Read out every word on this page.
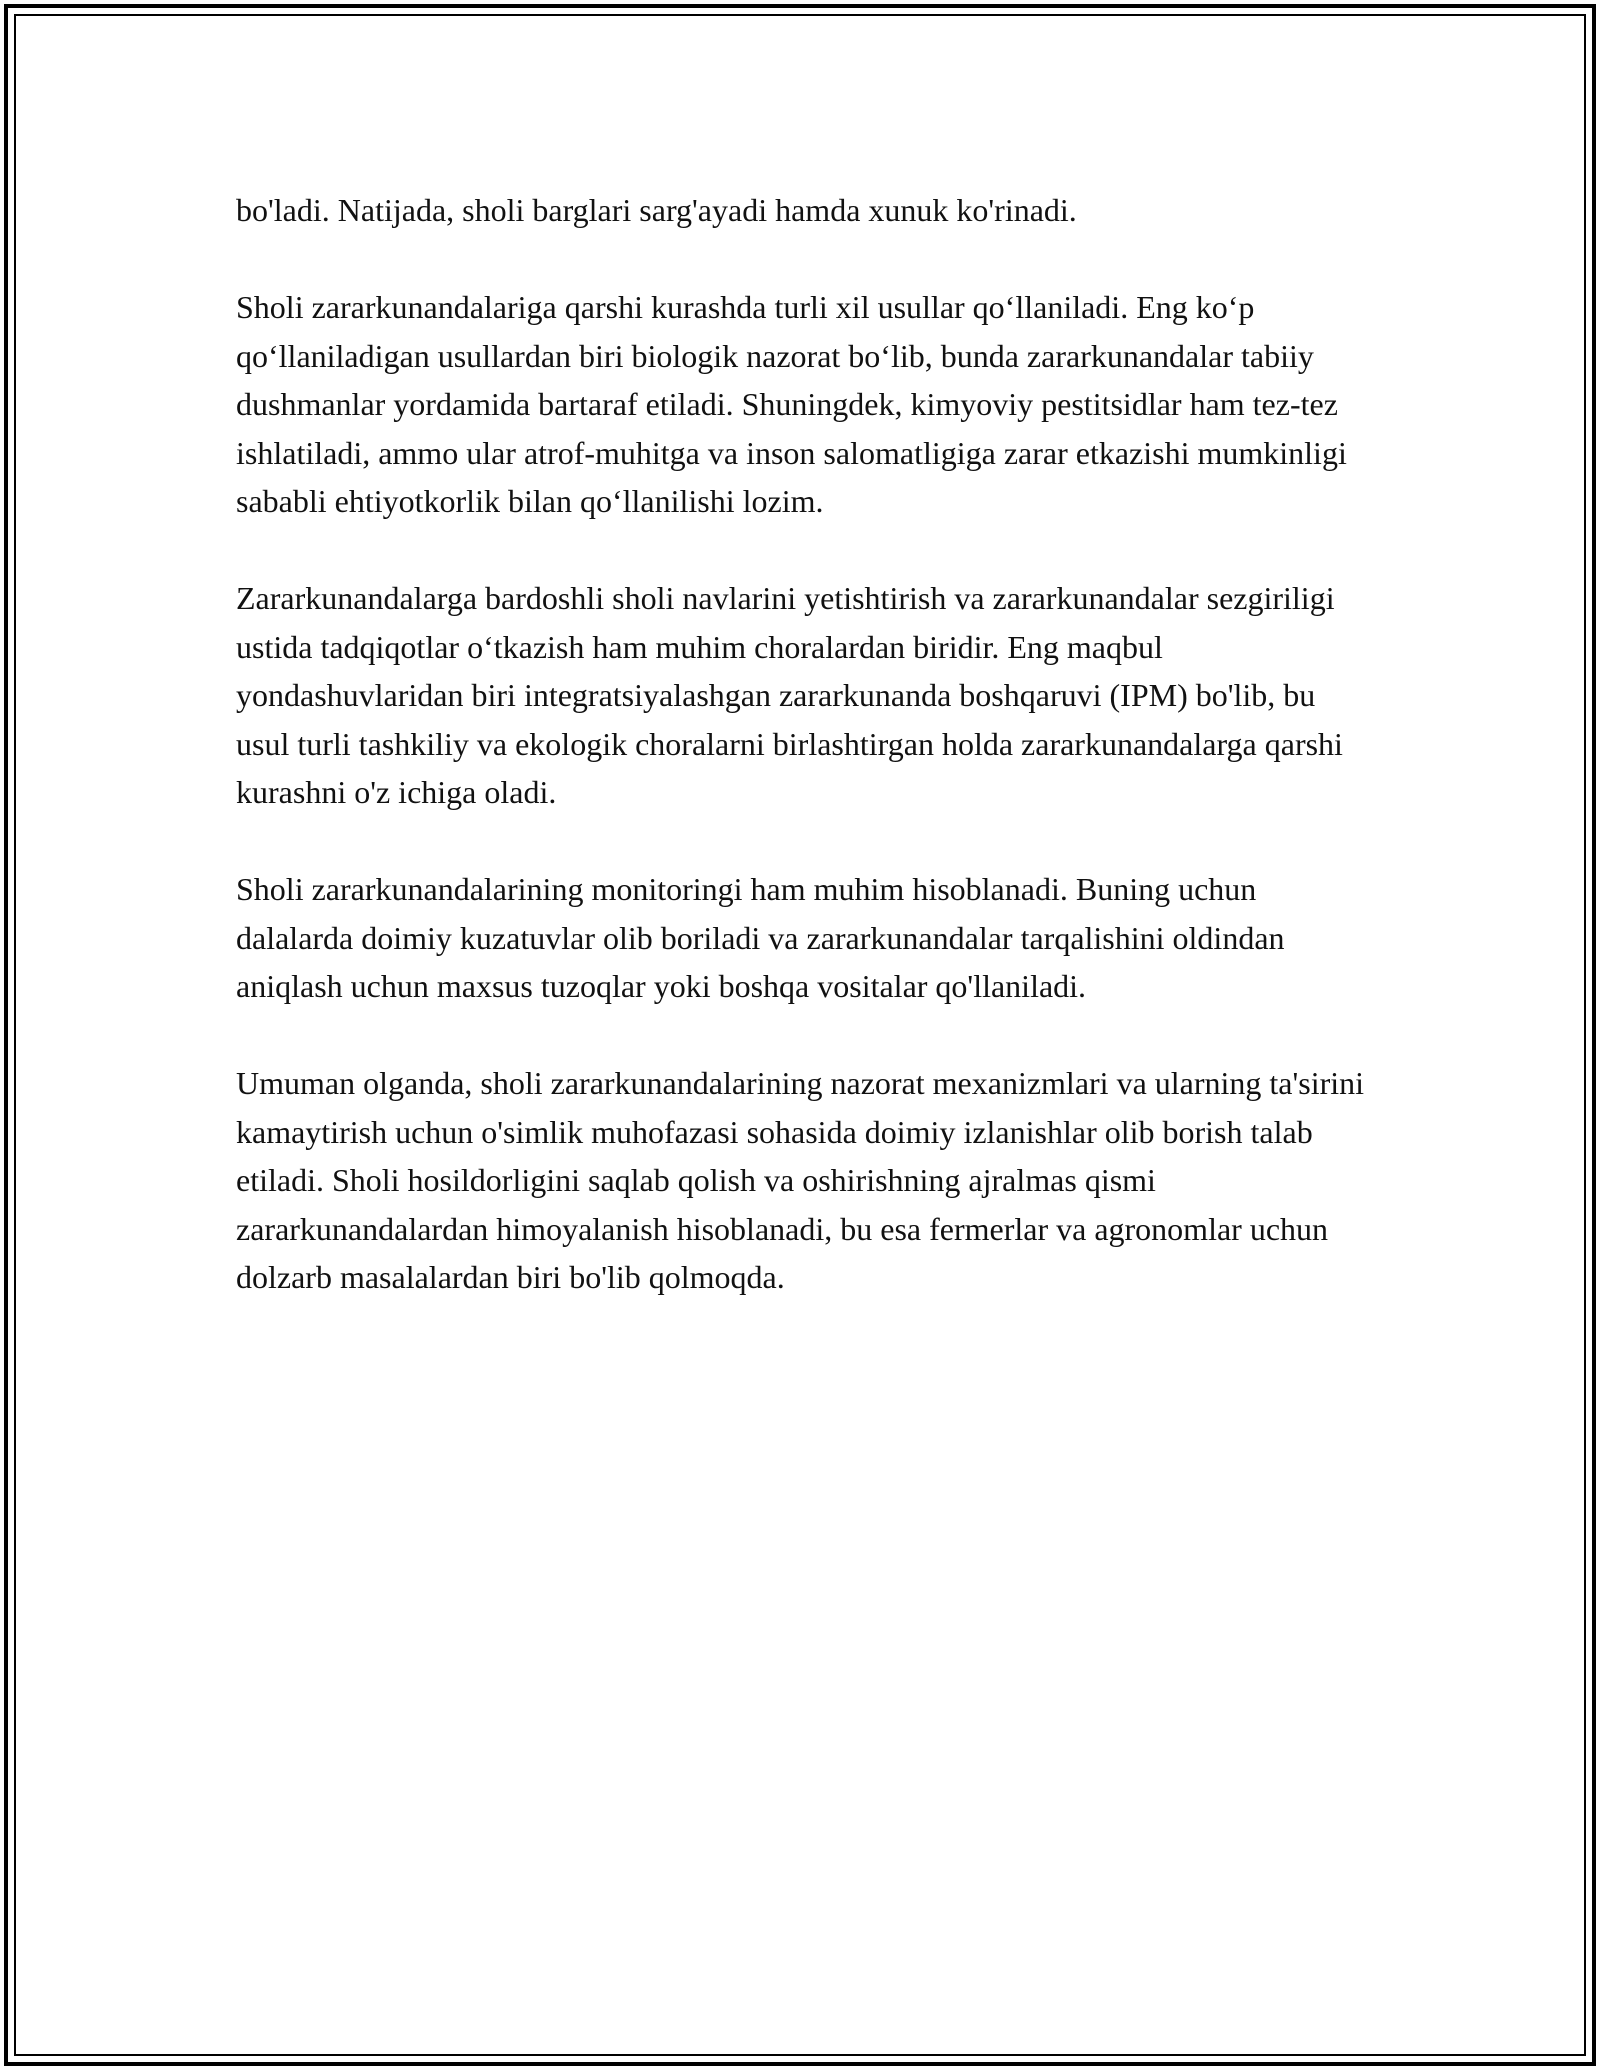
bo'ladi. Natijada, sholi barglari sarg'ayadi hamda xunuk ko'rinadi.

Sholi zararkunandalariga qarshi kurashda turli xil usullar qo‘llaniladi. Eng ko‘p qo‘llaniladigan usullardan biri biologik nazorat bo‘lib, bunda zararkunandalar tabiiy dushmanlar yordamida bartaraf etiladi. Shuningdek, kimyoviy pestitsidlar ham tez-tez ishlatiladi, ammo ular atrof-muhitga va inson salomatligiga zarar etkazishi mumkinligi sababli ehtiyotkorlik bilan qo‘llanilishi lozim.

Zararkunandalarga bardoshli sholi navlarini yetishtirish va zararkunandalar sezgiriligi ustida tadqiqotlar o‘tkazish ham muhim choralardan biridir. Eng maqbul yondashuvlaridan biri integratsiyalashgan zararkunanda boshqaruvi (IPM) bo'lib, bu usul turli tashkiliy va ekologik choralarni birlashtirgan holda zararkunandalarga qarshi kurashni o'z ichiga oladi.

Sholi zararkunandalarining monitoringi ham muhim hisoblanadi. Buning uchun dalalarda doimiy kuzatuvlar olib boriladi va zararkunandalar tarqalishini oldindan aniqlash uchun maxsus tuzoqlar yoki boshqa vositalar qo'llaniladi.

Umuman olganda, sholi zararkunandalarining nazorat mexanizmlari va ularning ta'sirini kamaytirish uchun o'simlik muhofazasi sohasida doimiy izlanishlar olib borish talab etiladi. Sholi hosildorligini saqlab qolish va oshirishning ajralmas qismi zararkunandalardan himoyalanish hisoblanadi, bu esa fermerlar va agronomlar uchun dolzarb masalalardan biri bo'lib qolmoqda.
